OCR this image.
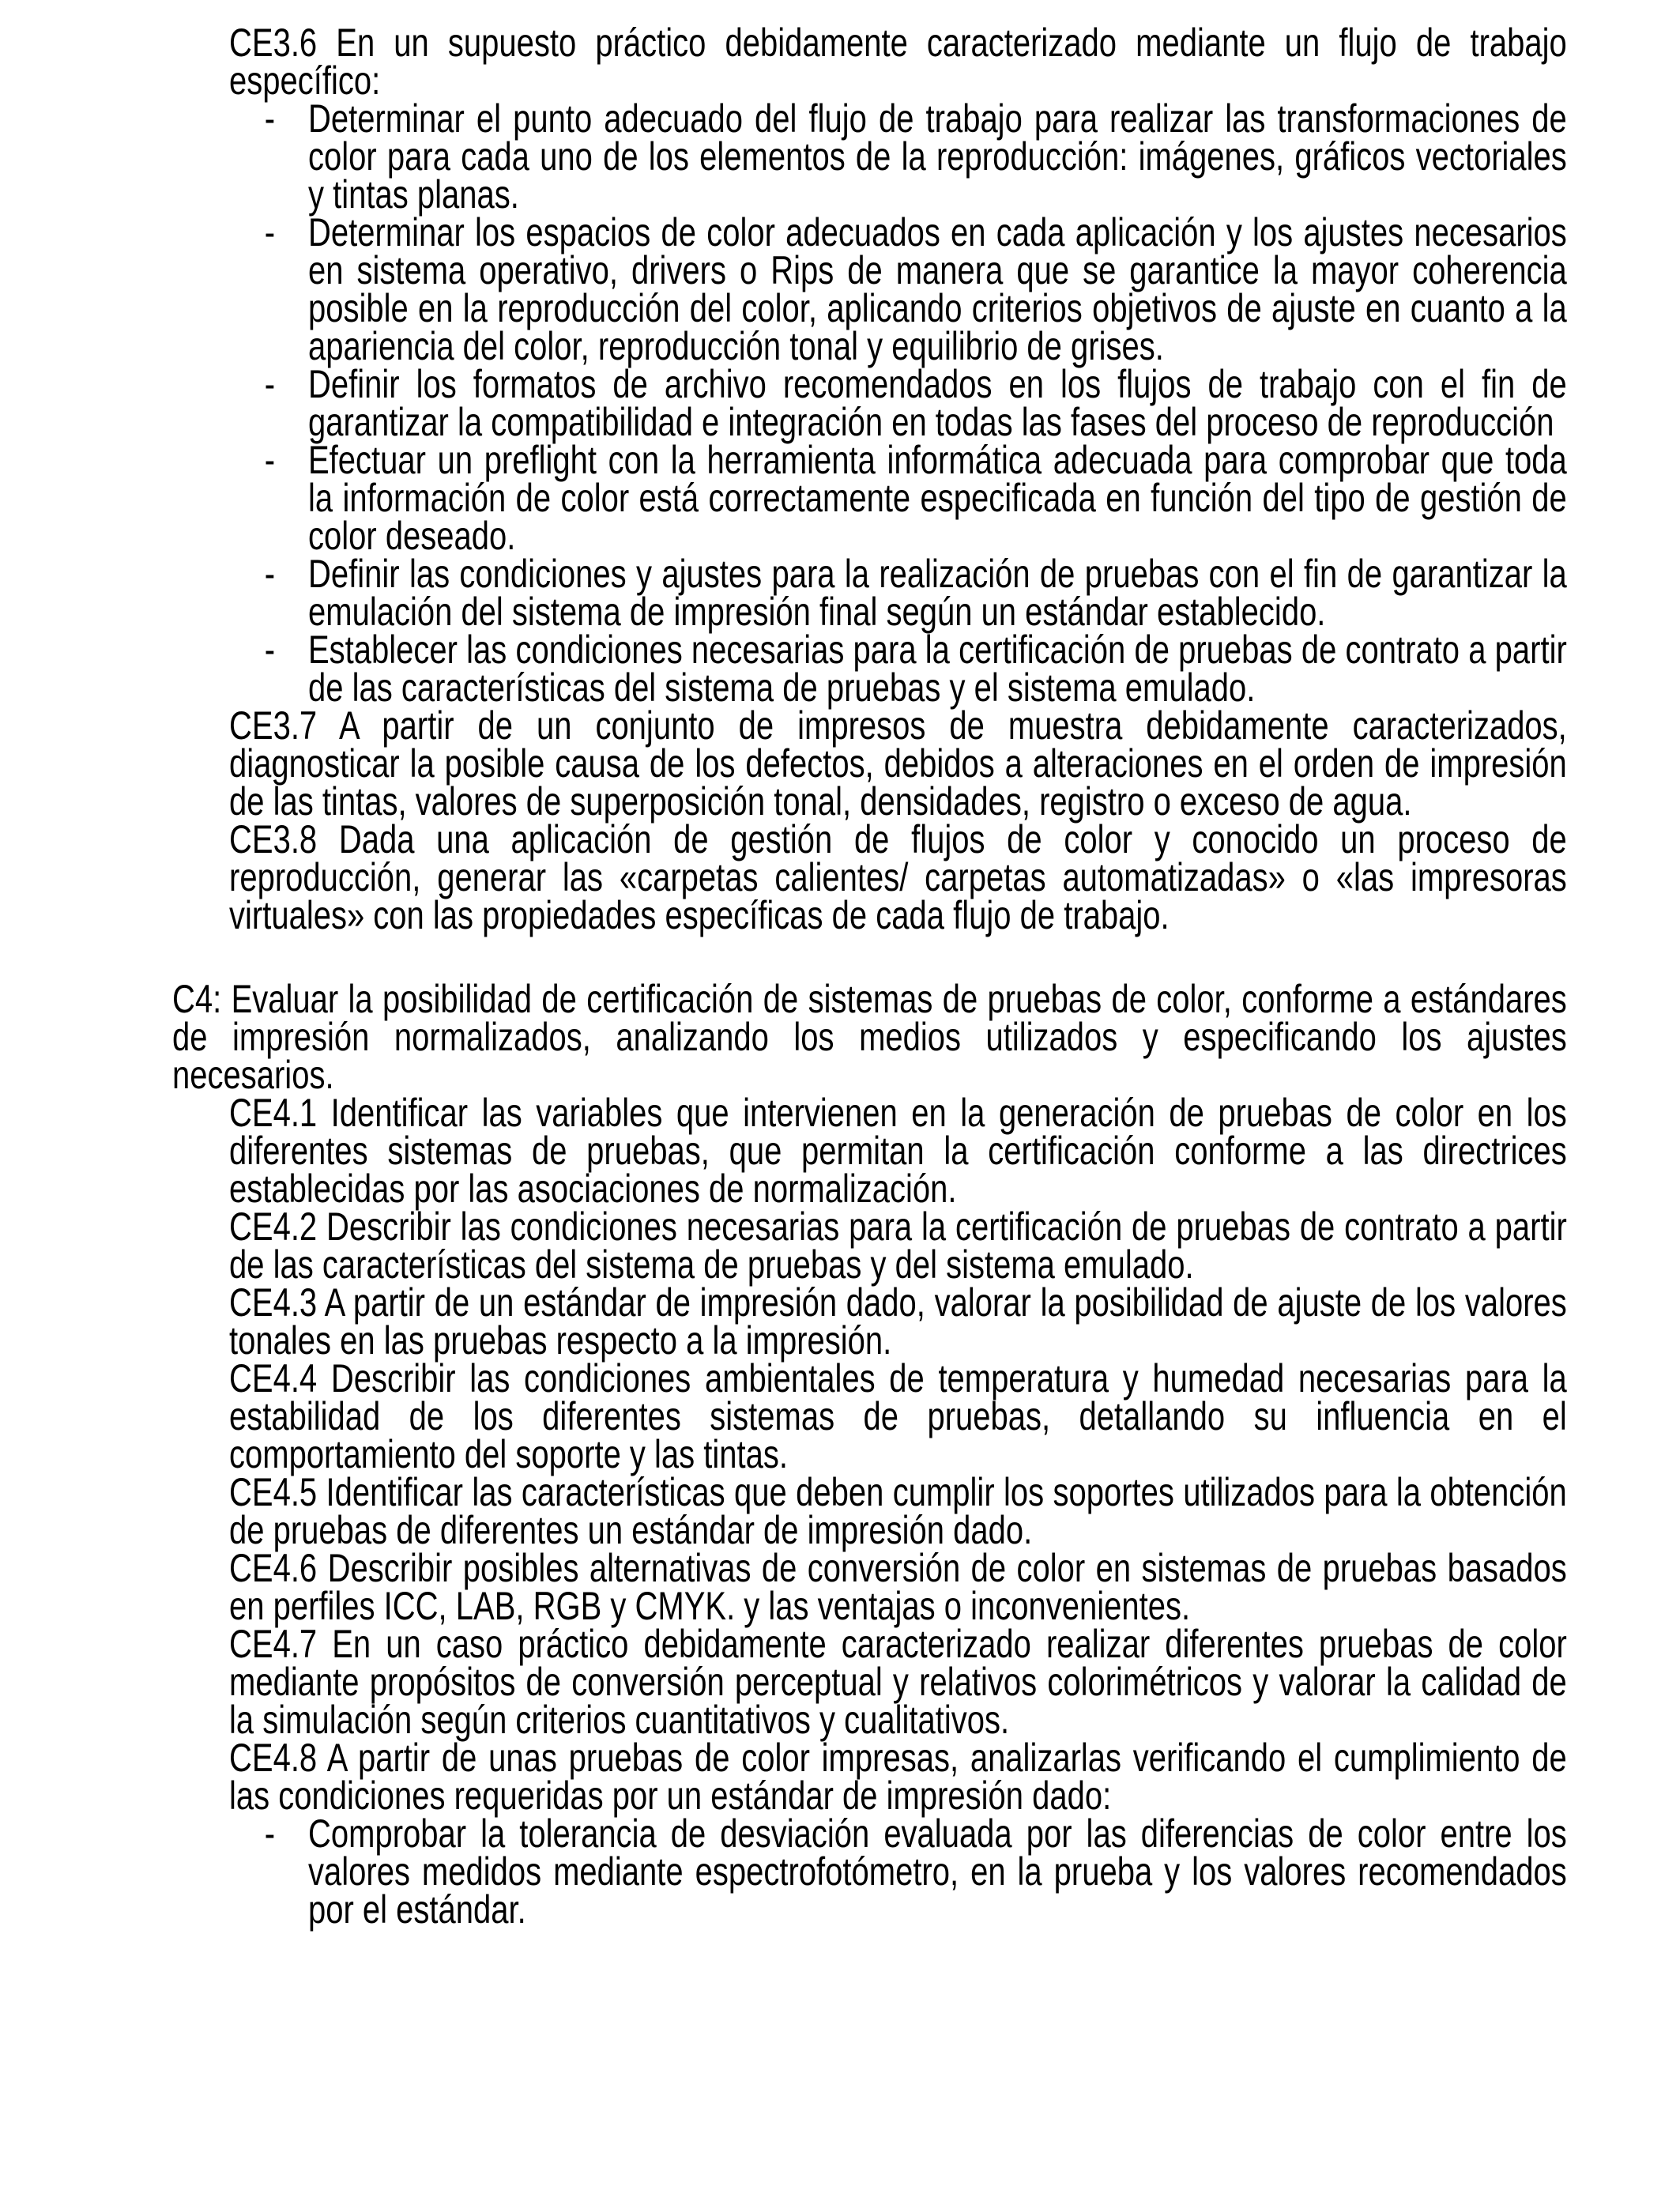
CE3.6 En un supuesto práctico debidamente caracterizado mediante un flujo de trabajo específico:
- Determinar el punto adecuado del flujo de trabajo para realizar las transformaciones de color para cada uno de los elementos de la reproducción: imágenes, gráficos vectoriales y tintas planas.
- Determinar los espacios de color adecuados en cada aplicación y los ajustes necesarios en sistema operativo, drivers o Rips de manera que se garantice la mayor coherencia posible en la reproducción del color, aplicando criterios objetivos de ajuste en cuanto a la apariencia del color, reproducción tonal y equilibrio de grises.
- Definir los formatos de archivo recomendados en los flujos de trabajo con el fin de garantizar la compatibilidad e integración en todas las fases del proceso de reproducción
- Efectuar un preflight con la herramienta informática adecuada para comprobar que toda la información de color está correctamente especificada en función del tipo de gestión de color deseado.
- Definir las condiciones y ajustes para la realización de pruebas con el fin de garantizar la emulación del sistema de impresión final según un estándar establecido.
- Establecer las condiciones necesarias para la certificación de pruebas de contrato a partir de las características del sistema de pruebas y el sistema emulado.
CE3.7 A partir de un conjunto de impresos de muestra debidamente caracterizados, diagnosticar la posible causa de los defectos, debidos a alteraciones en el orden de impresión de las tintas, valores de superposición tonal, densidades, registro o exceso de agua.
CE3.8 Dada una aplicación de gestión de flujos de color y conocido un proceso de reproducción, generar las «carpetas calientes/ carpetas automatizadas» o «las impresoras virtuales» con las propiedades específicas de cada flujo de trabajo.
C4: Evaluar la posibilidad de certificación de sistemas de pruebas de color, conforme a estándares de impresión normalizados, analizando los medios utilizados y especificando los ajustes necesarios.
CE4.1 Identificar las variables que intervienen en la generación de pruebas de color en los diferentes sistemas de pruebas, que permitan la certificación conforme a las directrices establecidas por las asociaciones de normalización.
CE4.2 Describir las condiciones necesarias para la certificación de pruebas de contrato a partir de las características del sistema de pruebas y del sistema emulado.
CE4.3 A partir de un estándar de impresión dado, valorar la posibilidad de ajuste de los valores tonales en las pruebas respecto a la impresión.
CE4.4 Describir las condiciones ambientales de temperatura y humedad necesarias para la estabilidad de los diferentes sistemas de pruebas, detallando su influencia en el comportamiento del soporte y las tintas.
CE4.5 Identificar las características que deben cumplir los soportes utilizados para la obtención de pruebas de diferentes un estándar de impresión dado.
CE4.6 Describir posibles alternativas de conversión de color en sistemas de pruebas basados en perfiles ICC, LAB, RGB y CMYK. y las ventajas o inconvenientes.
CE4.7 En un caso práctico debidamente caracterizado realizar diferentes pruebas de color mediante propósitos de conversión perceptual y relativos colorimétricos y valorar la calidad de la simulación según criterios cuantitativos y cualitativos.
CE4.8 A partir de unas pruebas de color impresas, analizarlas verificando el cumplimiento de las condiciones requeridas por un estándar de impresión dado:
- Comprobar la tolerancia de desviación evaluada por las diferencias de color entre los valores medidos mediante espectrofotómetro, en la prueba y los valores recomendados por el estándar.
